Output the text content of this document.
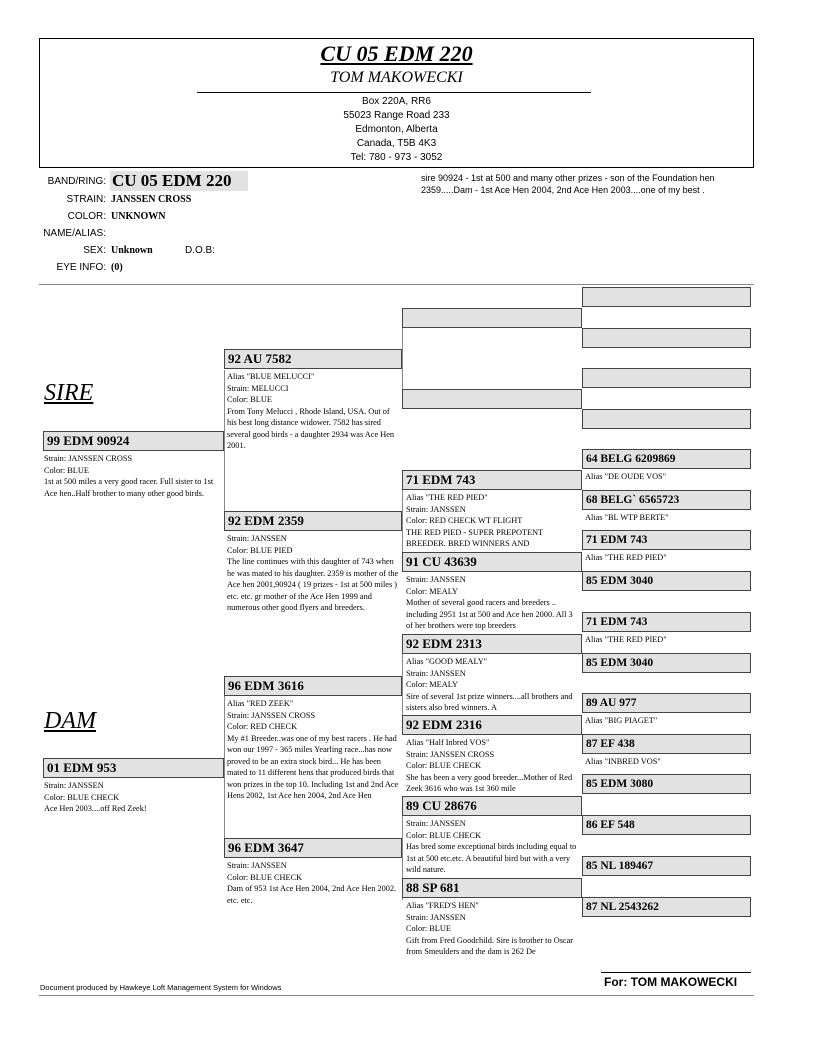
CU 05 EDM 220
TOM MAKOWECKI
Box 220A, RR6
55023 Range Road 233
Edmonton, Alberta
Canada, T5B 4K3
Tel: 780 - 973 - 3052
BAND/RING: CU 05 EDM 220
STRAIN: JANSSEN CROSS
COLOR: UNKNOWN
NAME/ALIAS:
SEX: Unknown	D.O.B:
EYE INFO: (0)
sire 90924 - 1st at 500 and many other prizes - son of the Foundation hen 2359.....Dam - 1st Ace Hen 2004, 2nd Ace Hen 2003....one of my best .
SIRE
DAM
99 EDM 90924
Strain: JANSSEN CROSS
Color: BLUE
1st at 500 miles a very good racer. Full sister to 1st Ace hen..Half brother to many other good birds.
01 EDM 953
Strain: JANSSEN
Color: BLUE CHECK
Ace Hen 2003....off Red Zeek!
92 AU 7582
Alias "BLUE MELUCCI"
Strain: MELUCCI
Color: BLUE
From Tony Melucci , Rhode Island, USA. Out of his best long distance widower. 7582 has sired several good birds - a daughter 2934 was Ace Hen 2001.
92 EDM 2359
Strain: JANSSEN
Color: BLUE PIED
The line continues with this daughter of 743 when he was mated to his daughter. 2359 is mother of the Ace hen 2001,90924 ( 19 prizes - 1st at 500 miles ) etc. etc. gr mother of the Ace Hen 1999 and numerous other good flyers and breeders.
96 EDM 3616
Alias "RED ZEEK"
Strain: JANSSEN CROSS
Color: RED CHECK
My #1 Breeder..was one of my best racers . He had won our 1997 - 365 miles Yearling race...has now proved to be an extra stock bird... He has been mated to 11 different hens that produced birds that won prizes in the top 10. Including 1st and 2nd Ace Hens 2002, 1st Ace hen 2004, 2nd Ace Hen
96 EDM 3647
Strain: JANSSEN
Color: BLUE CHECK
Dam of 953 1st Ace Hen 2004, 2nd Ace Hen 2002. etc. etc.
71 EDM 743
Alias "THE RED PIED"
Strain: JANSSEN
Color: RED CHECK WT FLIGHT
THE RED PIED - SUPER PREPOTENT BREEDER. BRED WINNERS AND
91 CU 43639
Strain: JANSSEN
Color: MEALY
Mother of several good racers and breeders .. including 2951 1st at 500 and Ace hen 2000. All 3 of her brothers were top breeders
92 EDM 2313
Alias "GOOD MEALY"
Strain: JANSSEN
Color: MEALY
Sire of several 1st prize winners....all brothers and sisters also bred winners. A
92 EDM 2316
Alias "Half Inbred VOS"
Strain: JANSSEN CROSS
Color: BLUE CHECK
She has been a very good breeder...Mother of Red Zeek 3616 who was 1st 360 mile
89 CU 28676
Strain: JANSSEN
Color: BLUE CHECK
Has bred some exceptional birds including equal to 1st at 500 etc.etc. A beautiful bird but with a very wild nature.
88 SP 681
Alias "FRED'S HEN"
Strain: JANSSEN
Color: BLUE
Gift from Fred Goodchild. Sire is brother to Oscar from Smeulders and the dam is 262 De
64 BELG 6209869
Alias "DE OUDE VOS"
68 BELG` 6565723
Alias "BL WTP BERTE"
71 EDM 743
Alias "THE RED PIED"
85 EDM 3040
71 EDM 743
Alias "THE RED PIED"
85 EDM 3040
89 AU 977
Alias "BIG PIAGET"
87 EF 438
Alias "INBRED VOS"
85 EDM 3080
86 EF 548
85 NL 189467
87 NL 2543262
Document produced by Hawkeye Loft Management System for Windows	For: TOM MAKOWECKI
